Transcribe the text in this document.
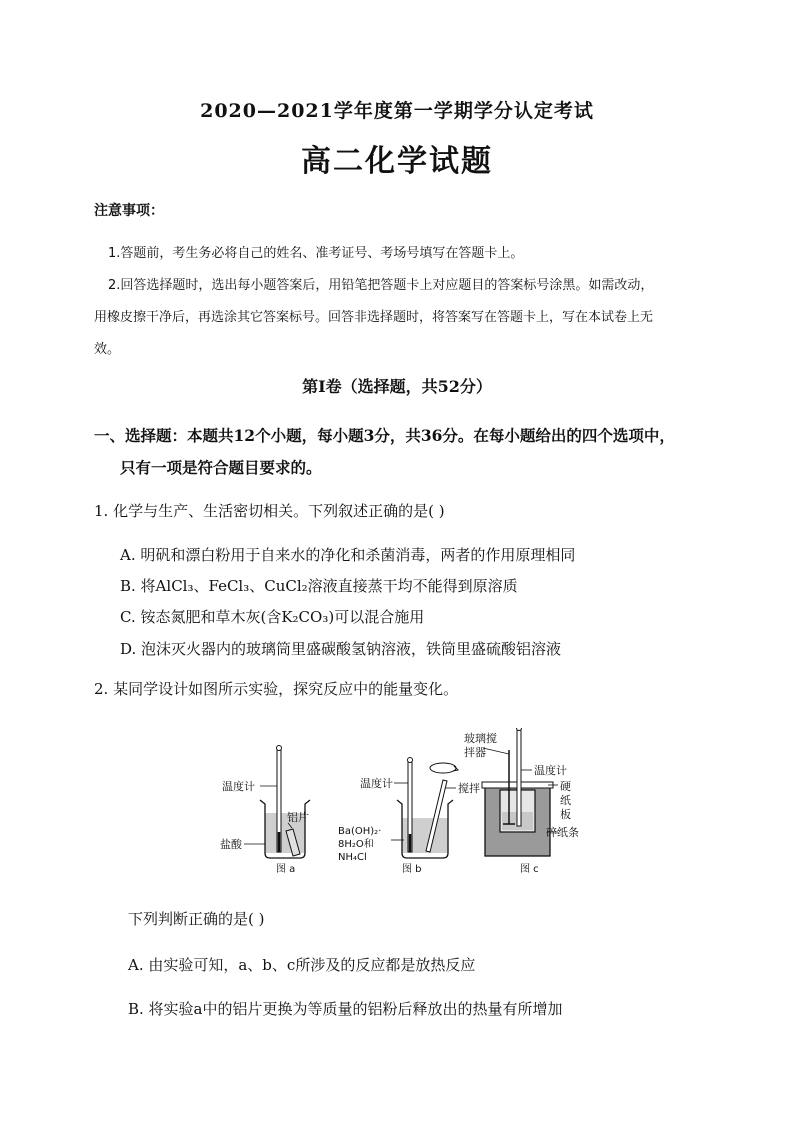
2020—2021学年度第一学期学分认定考试
高二化学试题
注意事项：
1.答题前，考生务必将自己的姓名、准考证号、考场号填写在答题卡上。
2.回答选择题时，选出每小题答案后，用铅笔把答题卡上对应题目的答案标号涂黑。如需改动，
用橡皮擦干净后，再选涂其它答案标号。回答非选择题时，将答案写在答题卡上，写在本试卷上无
效。
第I卷（选择题，共52分）
一、选择题：本题共12个小题，每小题3分，共36分。在每小题给出的四个选项中，
只有一项是符合题目要求的。
1. 化学与生产、生活密切相关。下列叙述正确的是( )
A. 明矾和漂白粉用于自来水的净化和杀菌消毒，两者的作用原理相同
B. 将AlCl₃、FeCl₃、CuCl₂溶液直接蒸干均不能得到原溶质
C. 铵态氮肥和草木灰(含K₂CO₃)可以混合施用
D. 泡沫灭火器内的玻璃筒里盛碳酸氢钠溶液，铁筒里盛硫酸铝溶液
2. 某同学设计如图所示实验，探究反应中的能量变化。
温度计
铝片
盐酸
图 a
温度计	搅拌
Ba(OH)₂·
8H₂O和
NH₄Cl
图 b
玻璃搅
拌器
温度计
硬
纸
板
碎纸条
图 c
下列判断正确的是( )
A. 由实验可知，a、b、c所涉及的反应都是放热反应
B. 将实验a中的铝片更换为等质量的铝粉后释放出的热量有所增加
